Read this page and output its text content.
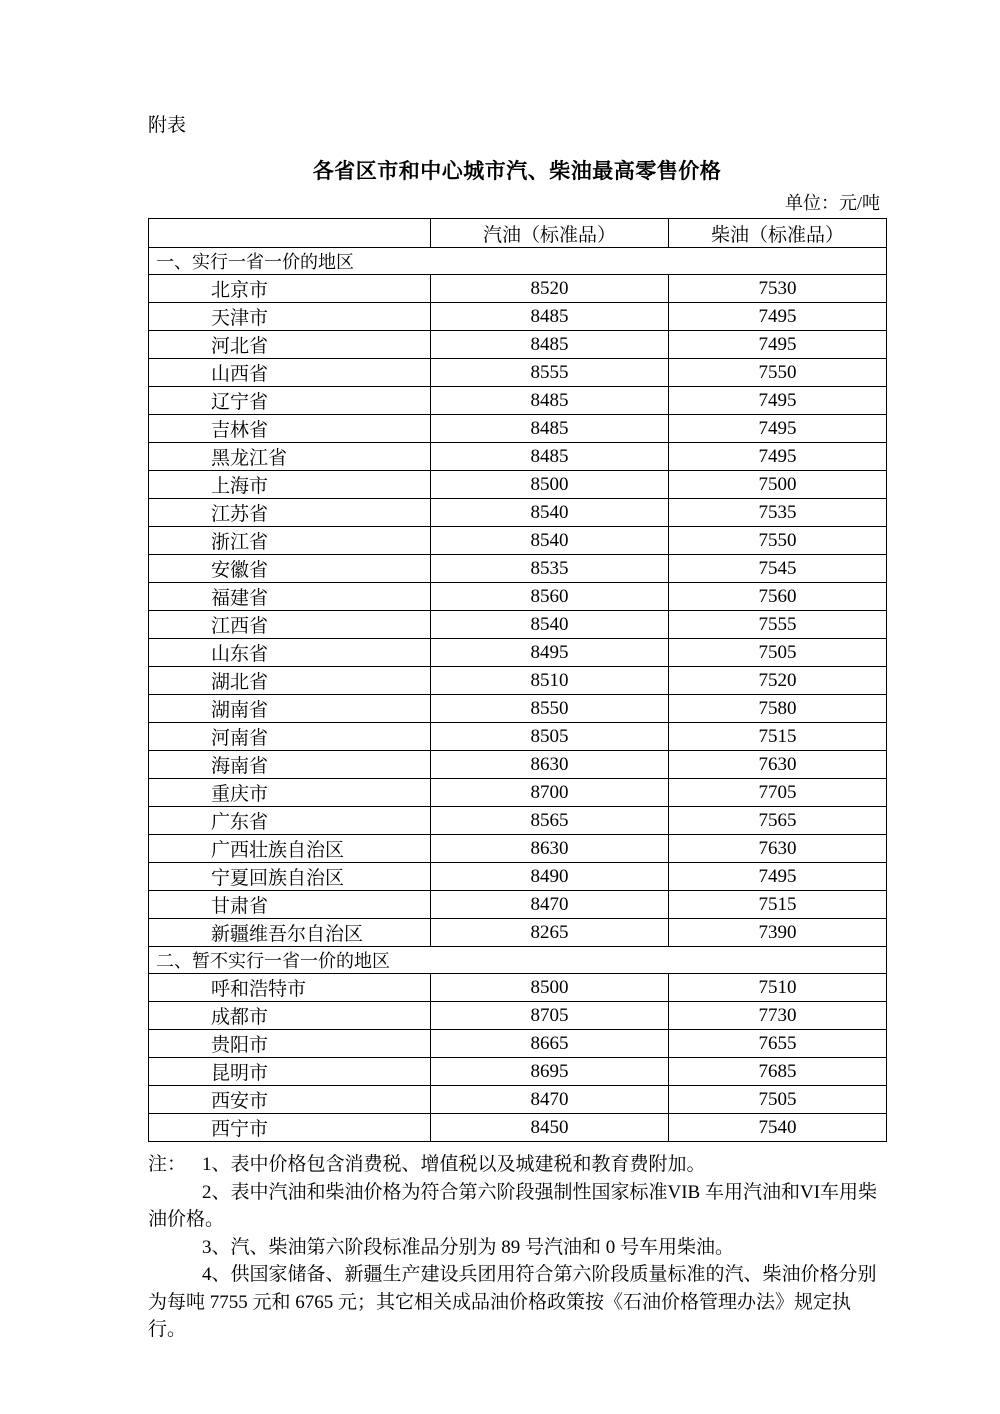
附表
各省区市和中心城市汽、柴油最高零售价格
单位：元/吨
	汽油（标准品）	柴油（标准品）
一、实行一省一价的地区		
北京市	8520	7530
天津市	8485	7495
河北省	8485	7495
山西省	8555	7550
辽宁省	8485	7495
吉林省	8485	7495
黑龙江省	8485	7495
上海市	8500	7500
江苏省	8540	7535
浙江省	8540	7550
安徽省	8535	7545
福建省	8560	7560
江西省	8540	7555
山东省	8495	7505
湖北省	8510	7520
湖南省	8550	7580
河南省	8505	7515
海南省	8630	7630
重庆市	8700	7705
广东省	8565	7565
广西壮族自治区	8630	7630
宁夏回族自治区	8490	7495
甘肃省	8470	7515
新疆维吾尔自治区	8265	7390
二、暂不实行一省一价的地区		
呼和浩特市	8500	7510
成都市	8705	7730
贵阳市	8665	7655
昆明市	8695	7685
西安市	8470	7505
西宁市	8450	7540

注： 1、表中价格包含消费税、增值税以及城建税和教育费附加。

2、表中汽油和柴油价格为符合第六阶段强制性国家标准VIB 车用汽油和VI车用柴油价格。

3、汽、柴油第六阶段标准品分别为 89 号汽油和 0 号车用柴油。

4、供国家储备、新疆生产建设兵团用符合第六阶段质量标准的汽、柴油价格分别为每吨 7755 元和 6765 元；其它相关成品油价格政策按《石油价格管理办法》规定执行。
